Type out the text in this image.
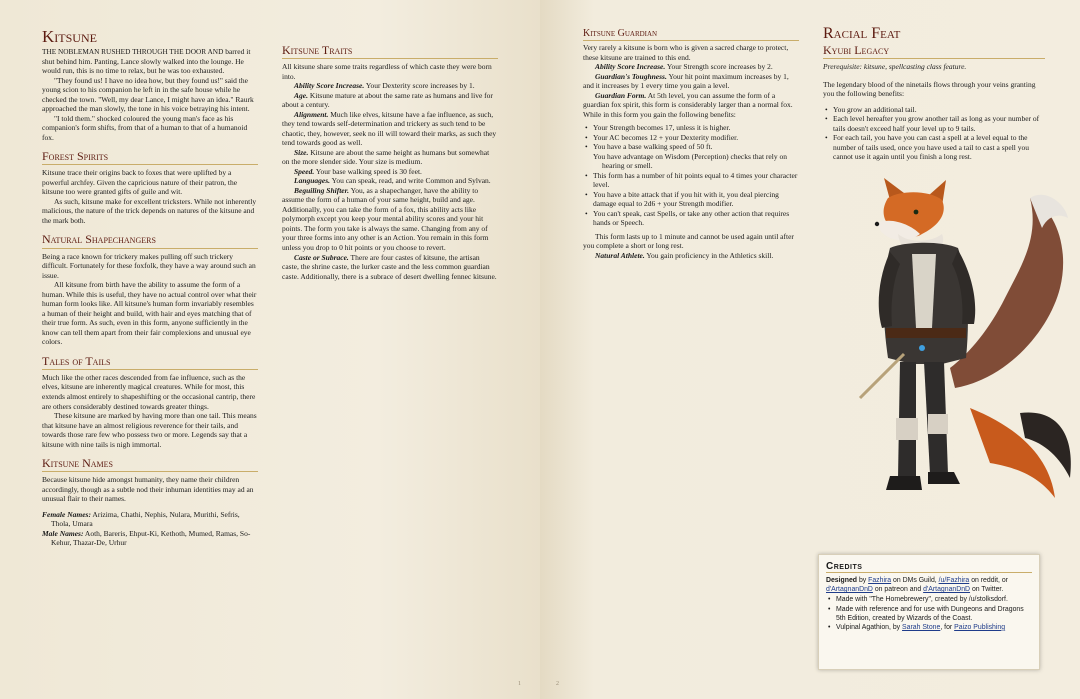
Kitsune

THE NOBLEMAN RUSHED THROUGH THE DOOR AND barred it shut behind him. Panting, Lance slowly walked into the lounge. He would run, this is no time to relax, but he was too exhausted.

"They found us! I have no idea how, but they found us!" said the young scion to his companion he left in in the safe house while he checked the town. "Well, my dear Lance, I might have an idea." Raurk approached the man slowly, the tone in his voice betraying his intent.

"I told them." shocked coloured the young man's face as his companion's form shifts, from that of a human to that of a humanoid fox.

Forest Spirits

Kitsune trace their origins back to foxes that were uplifted by a powerful archfey. Given the capricious nature of their patron, the kitsune too were granted gifts of guile and wit.

As such, kitsune make for excellent tricksters. While not inherently malicious, the nature of the trick depends on natures of the kitsune and the mark both.

Natural Shapechangers

Being a race known for trickery makes pulling off such trickery difficult. Fortunately for these foxfolk, they have a way around such an issue.

All kitsune from birth have the ability to assume the form of a human. While this is useful, they have no actual control over what their human form looks like. All kitsune's human form invariably resembles a human of their height and build, with hair and eyes matching that of their true form. As such, even in this form, anyone sufficiently in the know can tell them apart from their fair complexions and unusual eye colors.

Tales of Tails

Much like the other races descended from fae influence, such as the elves, kitsune are inherently magical creatures. While for most, this extends almost entirely to shapeshifting or the occasional cantrip, there are others considerably destined towards greater things.

These kitsune are marked by having more than one tail. This means that kitsune have an almost religious reverence for their tails, and towards those rare few who possess two or more. Legends say that a kitsune with nine tails is nigh immortal.

Kitsune Names

Because kitsune hide amongst humanity, they name their children accordingly, though as a subtle nod their inhuman identities may ad an unusual flair to their names.

Female Names: Arizima, Chathi, Nephis, Nulara, Murithi, Sefris, Thola, Umara

Male Names: Aoth, Bareris, Ehput-Ki, Kethoth, Mumed, Ramas, So-Kehur, Thazar-De, Urhur

Kitsune Traits

All kitsune share some traits regardless of which caste they were born into.

Ability Score Increase. Your Dexterity score increases by 1.

Age. Kitsune mature at about the same rate as humans and live for about a century.

Alignment. Much like elves, kitsune have a fae influence, as such, they tend towards self-determination and trickery as such tend to be chaotic, they, however, seek no ill will toward their marks, as such they tend towards good as well.

Size. Kitsune are about the same height as humans but somewhat on the more slender side. Your size is medium.

Speed. Your base walking speed is 30 feet.

Languages. You can speak, read, and write Common and Sylvan.

Beguiling Shifter. You, as a shapechanger, have the ability to assume the form of a human of your same height, build and age. Additionally, you can take the form of a fox, this ability acts like polymorph except you keep your mental ability scores and your hit points. The form you take is always the same. Changing from any of your three forms into any other is an Action. You remain in this form unless you drop to 0 hit points or you choose to revert.

Caste or Subrace. There are four castes of kitsune, the artisan caste, the shrine caste, the lurker caste and the less common guardian caste. Additionally, there is a subrace of desert dwelling fennec kitsune.

1
Kitsune Guardian

Very rarely a kitsune is born who is given a sacred charge to protect, these kitsune are trained to this end.

Ability Score Increase. Your Strength score increases by 2.

Guardian's Toughness. Your hit point maximum increases by 1, and it increases by 1 every time you gain a level.

Guardian Form. At 5th level, you can assume the form of a guardian fox spirit, this form is considerably larger than a normal fox. While in this form you gain the following benefits:

• Your Strength becomes 17, unless it is higher.
• Your AC becomes 12 + your Dexterity modifier.
• You have a base walking speed of 50 ft.
• You have advantage on Wisdom (Perception) checks that rely on hearing or smell.
• This form has a number of hit points equal to 4 times your character level.
• You have a bite attack that if you hit with it, you deal piercing damage equal to 2d6 + your Strength modifier.
• You can't speak, cast Spells, or take any other action that requires hands or Speech.

This form lasts up to 1 minute and cannot be used again until after you complete a short or long rest.

Natural Athlete. You gain proficiency in the Athletics skill.

Racial Feat
Kyubi Legacy

Prerequisite: kitsune, spellcasting class feature.

The legendary blood of the ninetails flows through your veins granting you the following benefits:

• You grow an additional tail.
• Each level hereafter you grow another tail as long as your number of tails doesn't exceed half your level up to 9 tails.
• For each tail, you have you can cast a spell at a level equal to the number of tails used, once you have used a tail to cast a spell you cannot use it again until you finish a long rest.
Credits
Designed by Fazhira on DMs Guild, /u/Fazhira on reddit, or d'ArtagnanDnD on patreon and d'ArtagnanDnD on Twitter.
• Made with "The Homebrewery", created by /u/stolksdorf.
• Made with reference and for use with Dungeons and Dragons 5th Edition, created by Wizards of the Coast.
• Vulpinal Agathion, by Sarah Stone, for Paizo Publishing
2
